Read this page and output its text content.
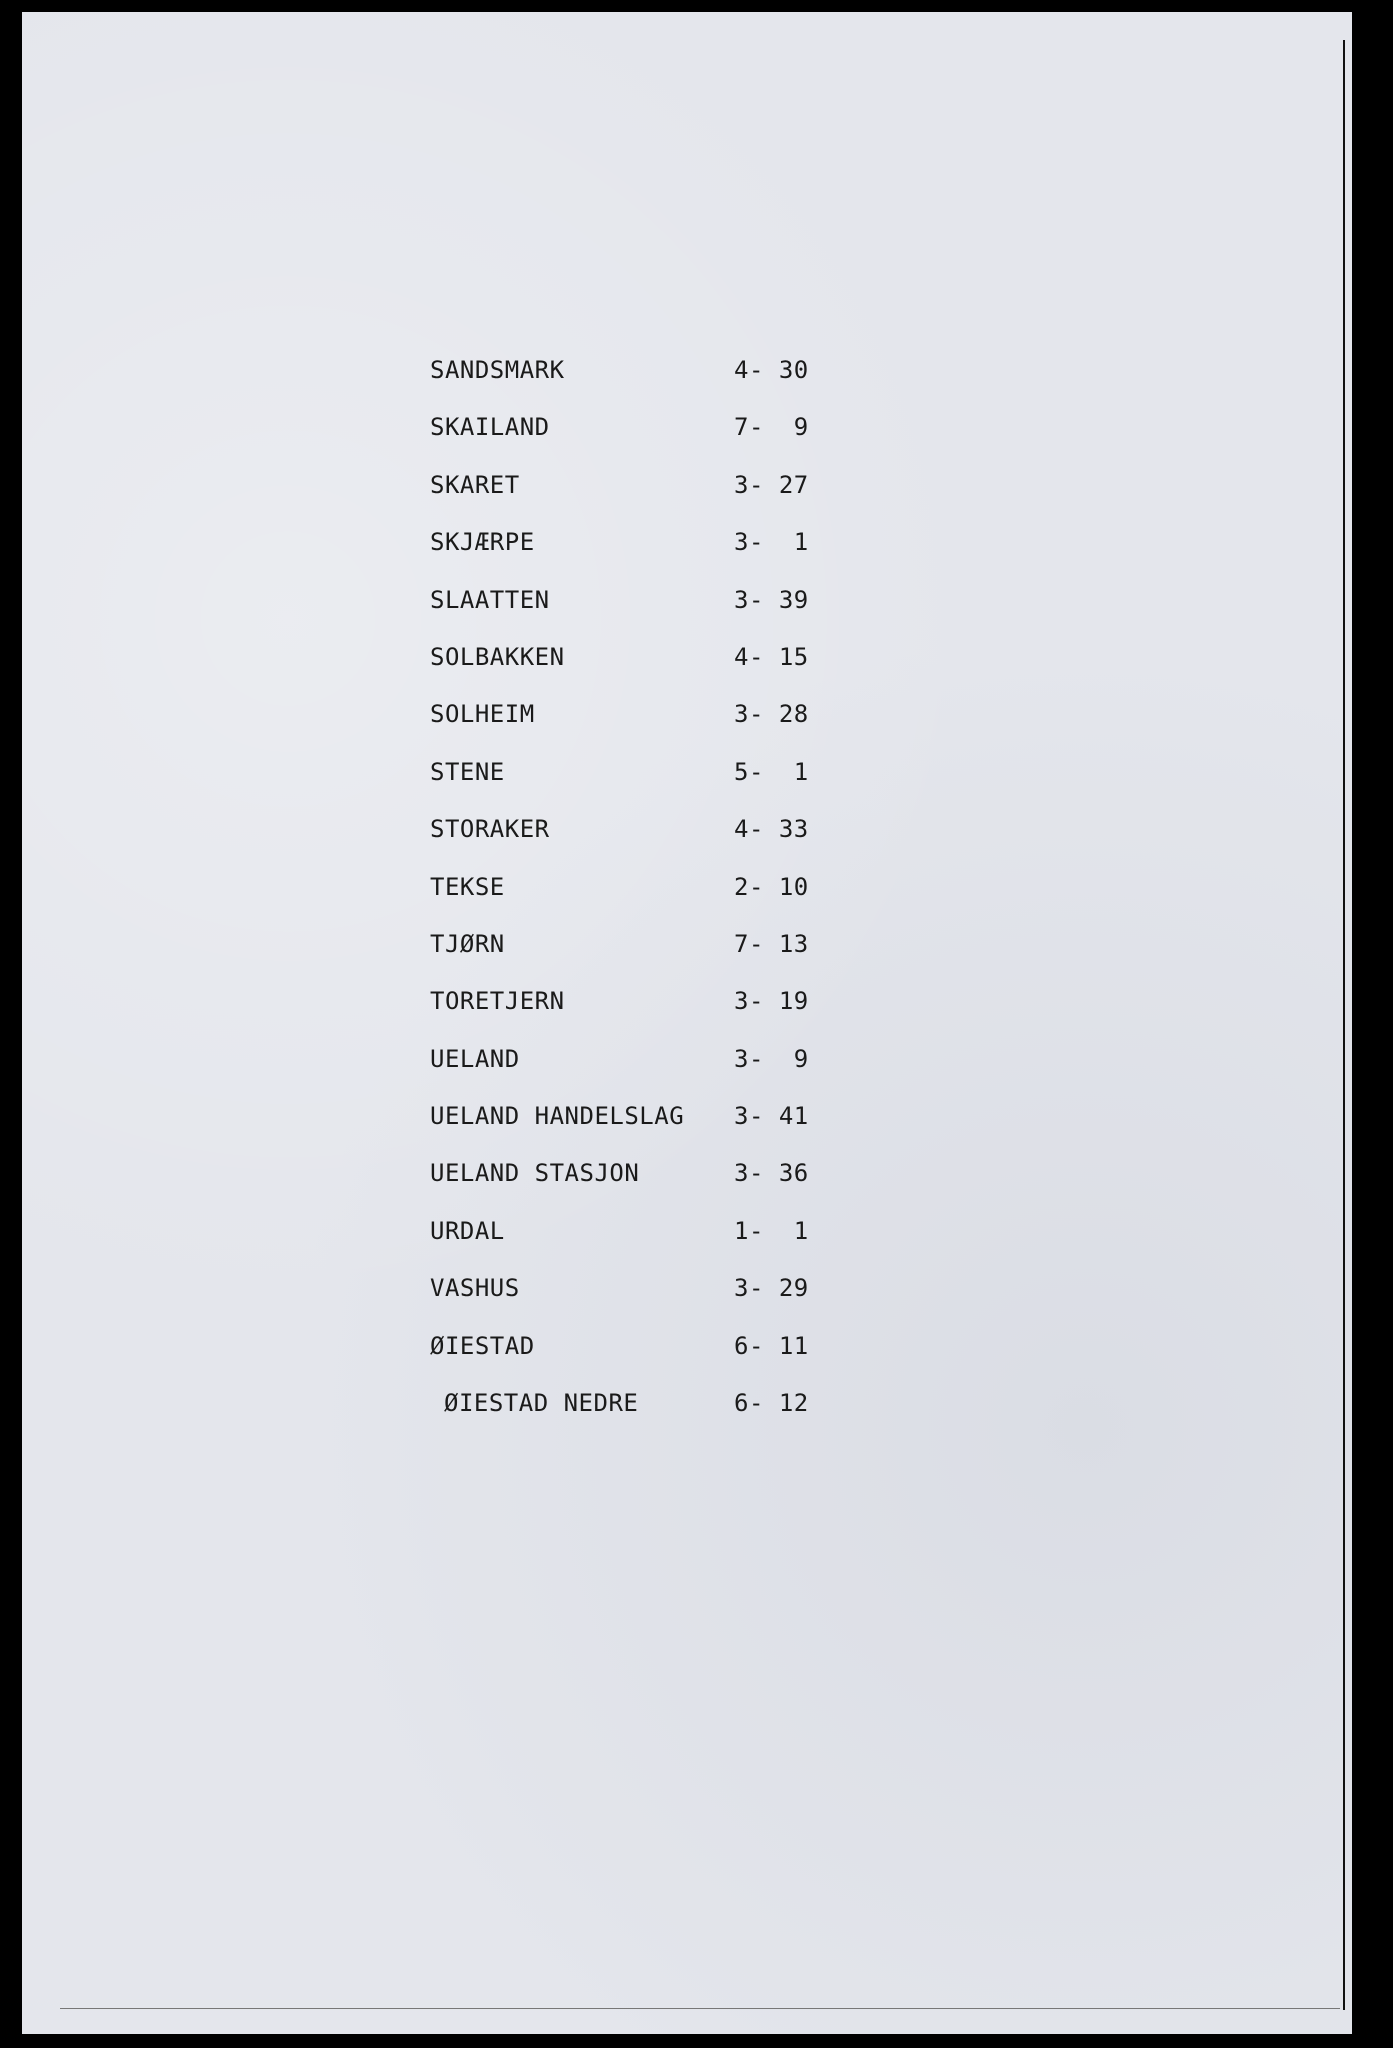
SANDSMARK	4- 30
SKAILAND	7-  9
SKARET	3- 27
SKJÆRPE	3-  1
SLAATTEN	3- 39
SOLBAKKEN	4- 15
SOLHEIM	3- 28
STENE	5-  1
STORAKER	4- 33
TEKSE	2- 10
TJØRN	7- 13
TORETJERN	3- 19
UELAND	3-  9
UELAND HANDELSLAG 3- 41
UELAND STASJON	3- 36
URDAL	1-  1
VASHUS	3- 29
ØIESTAD	6- 11
ØIESTAD NEDRE	6- 12
